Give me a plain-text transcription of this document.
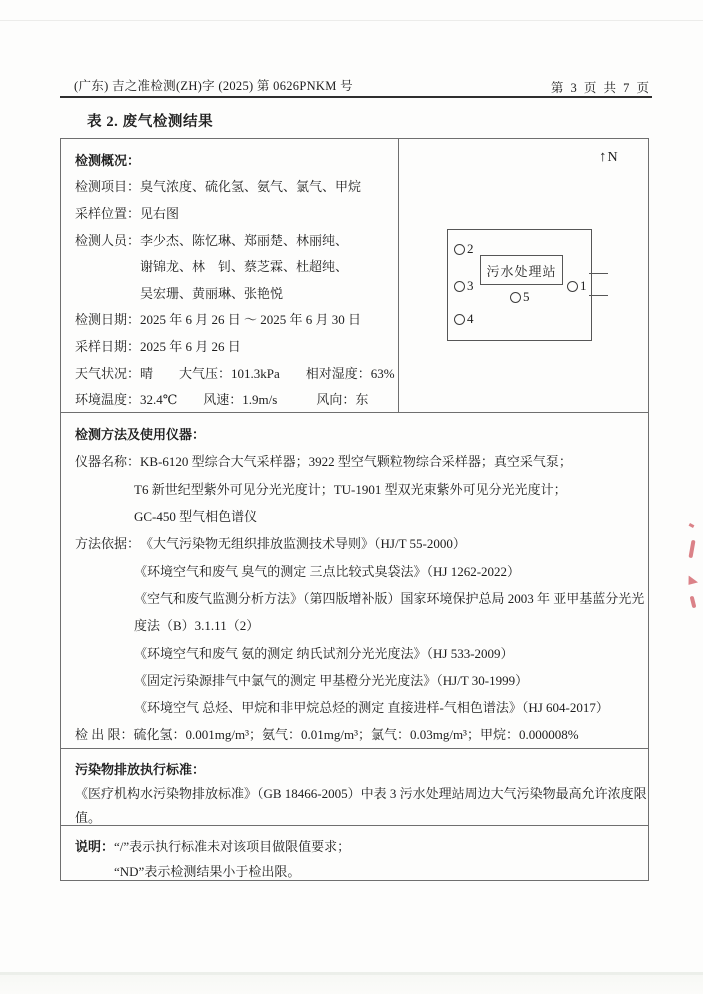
(广东) 吉之准检测(ZH)字 (2025) 第 0626PNKM 号	第 3 页 共 7 页
表 2. 废气检测结果
检测概况：
检测项目：臭气浓度、硫化氢、氨气、氯气、甲烷
采样位置：见右图
检测人员：李少杰、陈忆琳、郑丽楚、林丽纯、
谢锦龙、林　钊、蔡芝霖、杜超纯、
吴宏珊、黄丽琳、张艳悦
检测日期：2025 年 6 月 26 日 ～ 2025 年 6 月 30 日
采样日期：2025 年 6 月 26 日
天气状况：晴　　大气压：101.3kPa　　相对湿度：63%
环境温度：32.4℃　　风速：1.9m/s　　　风向：东
↑N
污水处理站
1
2
3
4
5
检测方法及使用仪器：
仪器名称： KB-6120 型综合大气采样器；3922 型空气颗粒物综合采样器；真空采气泵；
T6 新世纪型紫外可见分光光度计；TU-1901 型双光束紫外可见分光光度计；
GC-450 型气相色谱仪
方法依据： 《大气污染物无组织排放监测技术导则》（HJ/T 55-2000）
《环境空气和废气 臭气的测定 三点比较式臭袋法》（HJ 1262-2022）
《空气和废气监测分析方法》（第四版增补版）国家环境保护总局 2003 年 亚甲基蓝分光光
度法（B）3.1.11（2）
《环境空气和废气 氨的测定 纳氏试剂分光光度法》（HJ 533-2009）
《固定污染源排气中氯气的测定 甲基橙分光光度法》（HJ/T 30-1999）
《环境空气 总烃、甲烷和非甲烷总烃的测定 直接进样-气相色谱法》（HJ 604-2017）
检 出 限：硫化氢：0.001mg/m³；氨气：0.01mg/m³；氯气：0.03mg/m³；甲烷：0.000008%
污染物排放执行标准：
《医疗机构水污染物排放标准》（GB 18466-2005）中表 3 污水处理站周边大气污染物最高允许浓度限
值。
说明： “/”表示执行标准未对该项目做限值要求；
“ND”表示检测结果小于检出限。
